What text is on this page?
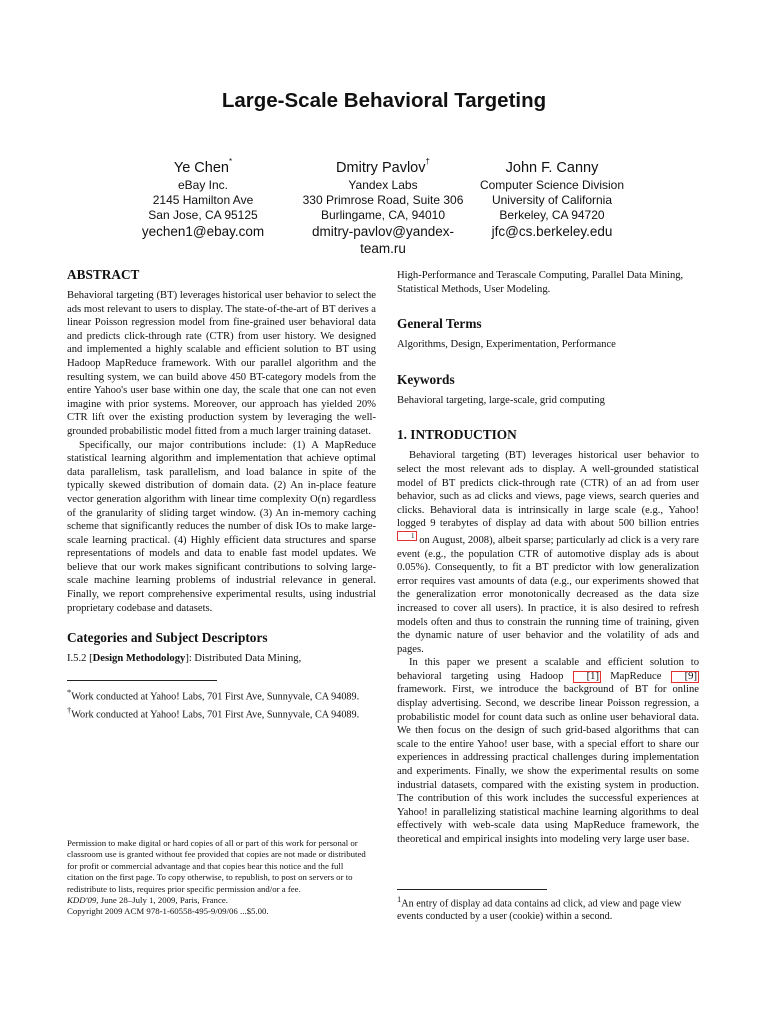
Large-Scale Behavioral Targeting
Ye Chen*
eBay Inc.
2145 Hamilton Ave
San Jose, CA 95125
yechen1@ebay.com
Dmitry Pavlov†
Yandex Labs
330 Primrose Road, Suite 306
Burlingame, CA, 94010
dmitry-pavlov@yandex-team.ru
John F. Canny
Computer Science Division
University of California
Berkeley, CA 94720
jfc@cs.berkeley.edu
ABSTRACT

Behavioral targeting (BT) leverages historical user behavior to select the ads most relevant to users to display. The state-of-the-art of BT derives a linear Poisson regression model from fine-grained user behavioral data and predicts click-through rate (CTR) from user history. We designed and implemented a highly scalable and efficient solution to BT using Hadoop MapReduce framework. With our parallel algorithm and the resulting system, we can build above 450 BT-category models from the entire Yahoo's user base within one day, the scale that one can not even imagine with prior systems. Moreover, our approach has yielded 20% CTR lift over the existing production system by leveraging the well-grounded probabilistic model fitted from a much larger training dataset.

Specifically, our major contributions include: (1) A MapReduce statistical learning algorithm and implementation that achieve optimal data parallelism, task parallelism, and load balance in spite of the typically skewed distribution of domain data. (2) An in-place feature vector generation algorithm with linear time complexity O(n) regardless of the granularity of sliding target window. (3) An in-memory caching scheme that significantly reduces the number of disk IOs to make large-scale learning practical. (4) Highly efficient data structures and sparse representations of models and data to enable fast model updates. We believe that our work makes significant contributions to solving large-scale machine learning problems of industrial relevance in general. Finally, we report comprehensive experimental results, using industrial proprietary codebase and datasets.

Categories and Subject Descriptors

I.5.2 [Design Methodology]: Distributed Data Mining,

*Work conducted at Yahoo! Labs, 701 First Ave, Sunnyvale, CA 94089.
†Work conducted at Yahoo! Labs, 701 First Ave, Sunnyvale, CA 94089.
Permission to make digital or hard copies of all or part of this work for personal or classroom use is granted without fee provided that copies are not made or distributed for profit or commercial advantage and that copies bear this notice and the full citation on the first page. To copy otherwise, to republish, to post on servers or to redistribute to lists, requires prior specific permission and/or a fee.
KDD'09, June 28–July 1, 2009, Paris, France.
Copyright 2009 ACM 978-1-60558-495-9/09/06 ...$5.00.

High-Performance and Terascale Computing, Parallel Data Mining, Statistical Methods, User Modeling.

General Terms

Algorithms, Design, Experimentation, Performance

Keywords

Behavioral targeting, large-scale, grid computing

1. INTRODUCTION

Behavioral targeting (BT) leverages historical user behavior to select the most relevant ads to display. A well-grounded statistical model of BT predicts click-through rate (CTR) of an ad from user behavior, such as ad clicks and views, page views, search queries and clicks. Behavioral data is intrinsically in large scale (e.g., Yahoo! logged 9 terabytes of display ad data with about 500 billion entries1 on August, 2008), albeit sparse; particularly ad click is a very rare event (e.g., the population CTR of automotive display ads is about 0.05%). Consequently, to fit a BT predictor with low generalization error requires vast amounts of data (e.g., our experiments showed that the generalization error monotonically decreased as the data size increased to cover all users). In practice, it is also desired to refresh models often and thus to constrain the running time of training, given the dynamic nature of user behavior and the volatility of ads and pages.

In this paper we present a scalable and efficient solution to behavioral targeting using Hadoop [1] MapReduce [9] framework. First, we introduce the background of BT for online display advertising. Second, we describe linear Poisson regression, a probabilistic model for count data such as online user behavioral data. We then focus on the design of such grid-based algorithms that can scale to the entire Yahoo! user base, with a special effort to share our experiences in addressing practical challenges during implementation and experiments. Finally, we show the experimental results on some industrial datasets, compared with the existing system in production. The contribution of this work includes the successful experiences at Yahoo! in parallelizing statistical machine learning algorithms to deal effectively with web-scale data using MapReduce framework, the theoretical and empirical insights into modeling very large user base.

$^1$An entry of display ad data contains ad click, ad view and page view events conducted by a user (cookie) within a second.
